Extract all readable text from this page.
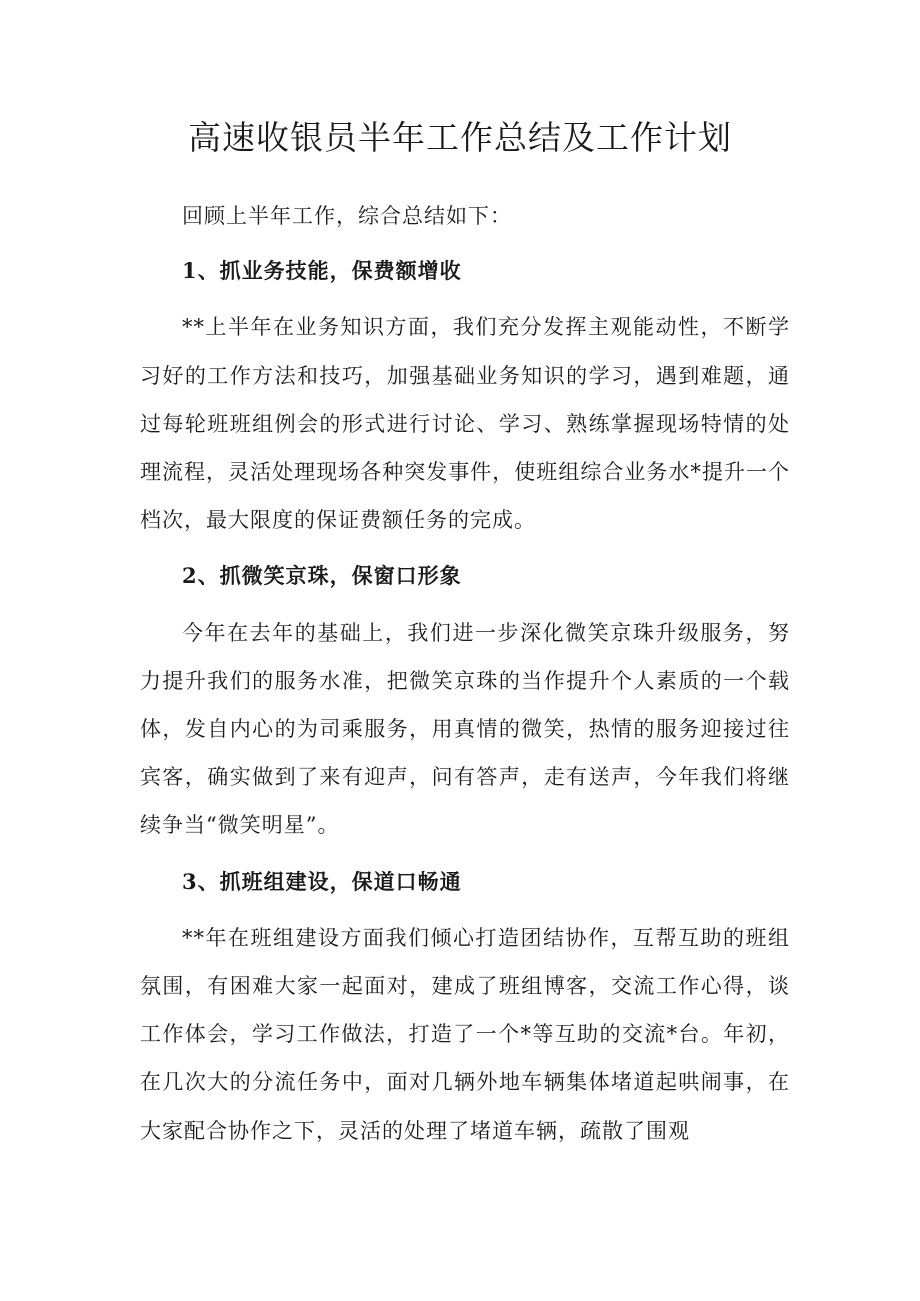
高速收银员半年工作总结及工作计划

回顾上半年工作，综合总结如下：

1、抓业务技能，保费额增收

**上半年在业务知识方面，我们充分发挥主观能动性，不断学习好的工作方法和技巧，加强基础业务知识的学习，遇到难题，通过每轮班班组例会的形式进行讨论、学习、熟练掌握现场特情的处理流程，灵活处理现场各种突发事件，使班组综合业务水*提升一个档次，最大限度的保证费额任务的完成。

2、抓微笑京珠，保窗口形象

今年在去年的基础上，我们进一步深化微笑京珠升级服务，努力提升我们的服务水准，把微笑京珠的当作提升个人素质的一个载体，发自内心的为司乘服务，用真情的微笑，热情的服务迎接过往宾客，确实做到了来有迎声，问有答声，走有送声，今年我们将继续争当“微笑明星”。

3、抓班组建设，保道口畅通

**年在班组建设方面我们倾心打造团结协作，互帮互助的班组氛围，有困难大家一起面对，建成了班组博客，交流工作心得，谈工作体会，学习工作做法，打造了一个*等互助的交流*台。年初，在几次大的分流任务中，面对几辆外地车辆集体堵道起哄闹事，在大家配合协作之下，灵活的处理了堵道车辆，疏散了围观
